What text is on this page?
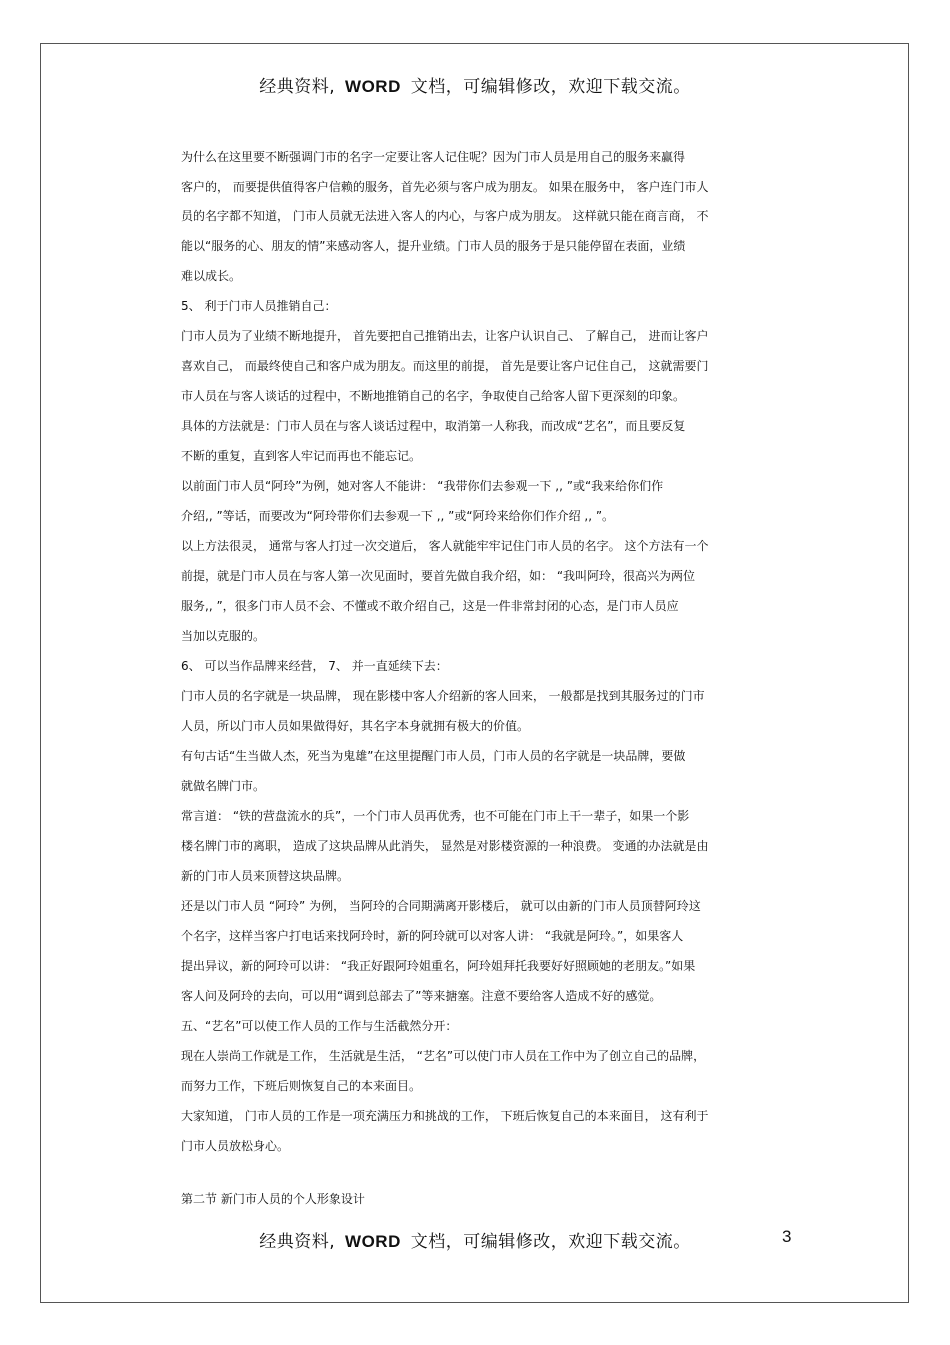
经典资料, WORD 文档，可编辑修改，欢迎下载交流。
为什么在这里要不断强调门市的名字一定要让客人记住呢？因为门市人员是用自己的服务来赢得
客户的， 而要提供值得客户信赖的服务，首先必须与客户成为朋友。 如果在服务中， 客户连门市人
员的名字都不知道， 门市人员就无法进入客人的内心，与客户成为朋友。 这样就只能在商言商， 不
能以“服务的心、朋友的情”来感动客人，提升业绩。门市人员的服务于是只能停留在表面，业绩
难以成长。
5、 利于门市人员推销自己：
门市人员为了业绩不断地提升， 首先要把自己推销出去，让客户认识自己、 了解自己， 进而让客户
喜欢自己， 而最终使自己和客户成为朋友。而这里的前提， 首先是要让客户记住自己， 这就需要门
市人员在与客人谈话的过程中，不断地推销自己的名字，争取使自己给客人留下更深刻的印象。
具体的方法就是：门市人员在与客人谈话过程中，取消第一人称我，而改成“艺名”，而且要反复
不断的重复，直到客人牢记而再也不能忘记。
以前面门市人员“阿玲”为例，她对客人不能讲： “我带你们去参观一下 ,, ”或“我来给你们作
介绍,, ”等话，而要改为“阿玲带你们去参观一下 ,, ”或“阿玲来给你们作介绍 ,, ”。
以上方法很灵， 通常与客人打过一次交道后， 客人就能牢牢记住门市人员的名字。 这个方法有一个
前提，就是门市人员在与客人第一次见面时，要首先做自我介绍，如： “我叫阿玲，很高兴为两位
服务,, ”，很多门市人员不会、不懂或不敢介绍自己，这是一件非常封闭的心态，是门市人员应
当加以克服的。
6、 可以当作品牌来经营， 7、 并一直延续下去：
门市人员的名字就是一块品牌， 现在影楼中客人介绍新的客人回来， 一般都是找到其服务过的门市
人员，所以门市人员如果做得好，其名字本身就拥有极大的价值。
有句古话“生当做人杰，死当为鬼雄”在这里提醒门市人员，门市人员的名字就是一块品牌，要做
就做名牌门市。
常言道： “铁的营盘流水的兵”，一个门市人员再优秀，也不可能在门市上干一辈子，如果一个影
楼名牌门市的离职， 造成了这块品牌从此消失， 显然是对影楼资源的一种浪费。 变通的办法就是由
新的门市人员来顶替这块品牌。
还是以门市人员 “阿玲” 为例， 当阿玲的合同期满离开影楼后， 就可以由新的门市人员顶替阿玲这
个名字，这样当客户打电话来找阿玲时，新的阿玲就可以对客人讲： “我就是阿玲。”，如果客人
提出异议，新的阿玲可以讲： “我正好跟阿玲姐重名，阿玲姐拜托我要好好照顾她的老朋友。”如果
客人问及阿玲的去向，可以用“调到总部去了”等来搪塞。注意不要给客人造成不好的感觉。
五、“艺名”可以使工作人员的工作与生活截然分开：
现在人崇尚工作就是工作， 生活就是生活， “艺名”可以使门市人员在工作中为了创立自己的品牌，
而努力工作，下班后则恢复自己的本来面目。
大家知道， 门市人员的工作是一项充满压力和挑战的工作， 下班后恢复自己的本来面目， 这有利于
门市人员放松身心。
第二节 新门市人员的个人形象设计
经典资料, WORD 文档，可编辑修改，欢迎下载交流。	3
